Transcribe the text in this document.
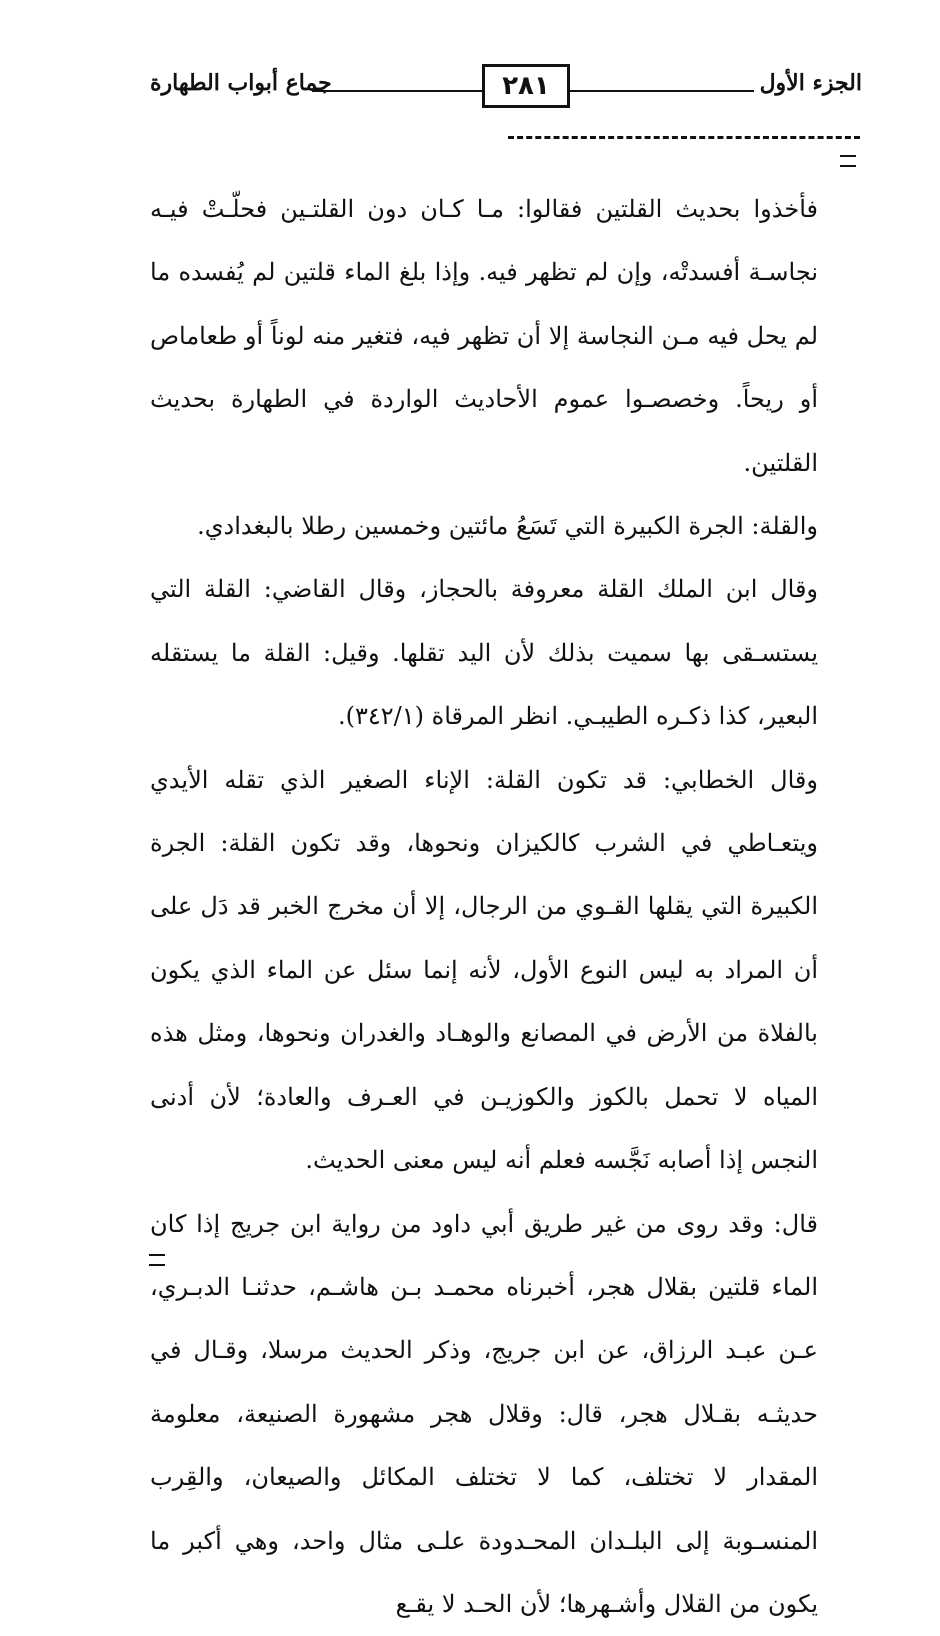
الجزء الأول
٢٨١
جماع أبواب الطهارة

فأخذوا بحديث القلتين فقالوا: مـا كـان دون القلتـين فحلّـتْ فيـه نجاسـة أفسدتْه، وإن لم تظهر فيه. وإذا بلغ الماء قلتين لم يُفسده ما لم يحل فيه مـن النجاسة إلا أن تظهر فيه، فتغير منه لوناً أو طعاماص أو ريحاً. وخصصـوا عموم الأحاديث الواردة في الطهارة بحديث القلتين.

والقلة: الجرة الكبيرة التي تَسَعُ مائتين وخمسين رطلا بالبغدادي.

وقال ابن الملك القلة معروفة بالحجاز، وقال القاضي: القلة التي يستسـقى بها سميت بذلك لأن اليد تقلها. وقيل: القلة ما يستقله البعير، كذا ذكـره الطيبـي. انظر المرقاة (٣٤٢/١).

وقال الخطابي: قد تكون القلة: الإناء الصغير الذي تقله الأيدي ويتعـاطي في الشرب كالكيزان ونحوها، وقد تكون القلة: الجرة الكبيرة التي يقلها القـوي من الرجال، إلا أن مخرج الخبر قد دَل على أن المراد به ليس النوع الأول، لأنه إنما سئل عن الماء الذي يكون بالفلاة من الأرض في المصانع والوهـاد والغدران ونحوها، ومثل هذه المياه لا تحمل بالكوز والكوزيـن في العـرف والعادة؛ لأن أدنى النجس إذا أصابه نَجَّسه فعلم أنه ليس معنى الحديث.

قال: وقد روى من غير طريق أبي داود من رواية ابن جريج إذا كان الماء قلتين بقلال هجر، أخبرناه محمـد بـن هاشـم، حدثنـا الدبـري، عـن عبـد الرزاق، عن ابن جريج، وذكر الحديث مرسلا، وقـال في حديثـه بقـلال هجر، قال: وقلال هجر مشهورة الصنيعة، معلومة المقدار لا تختلف، كما لا تختلف المكائل والصيعان، والقِرب المنسـوبة إلى البلـدان المحـدودة علـى مثال واحد، وهي أكبر ما يكون من القلال وأشـهرها؛ لأن الحـد لا يقـع
